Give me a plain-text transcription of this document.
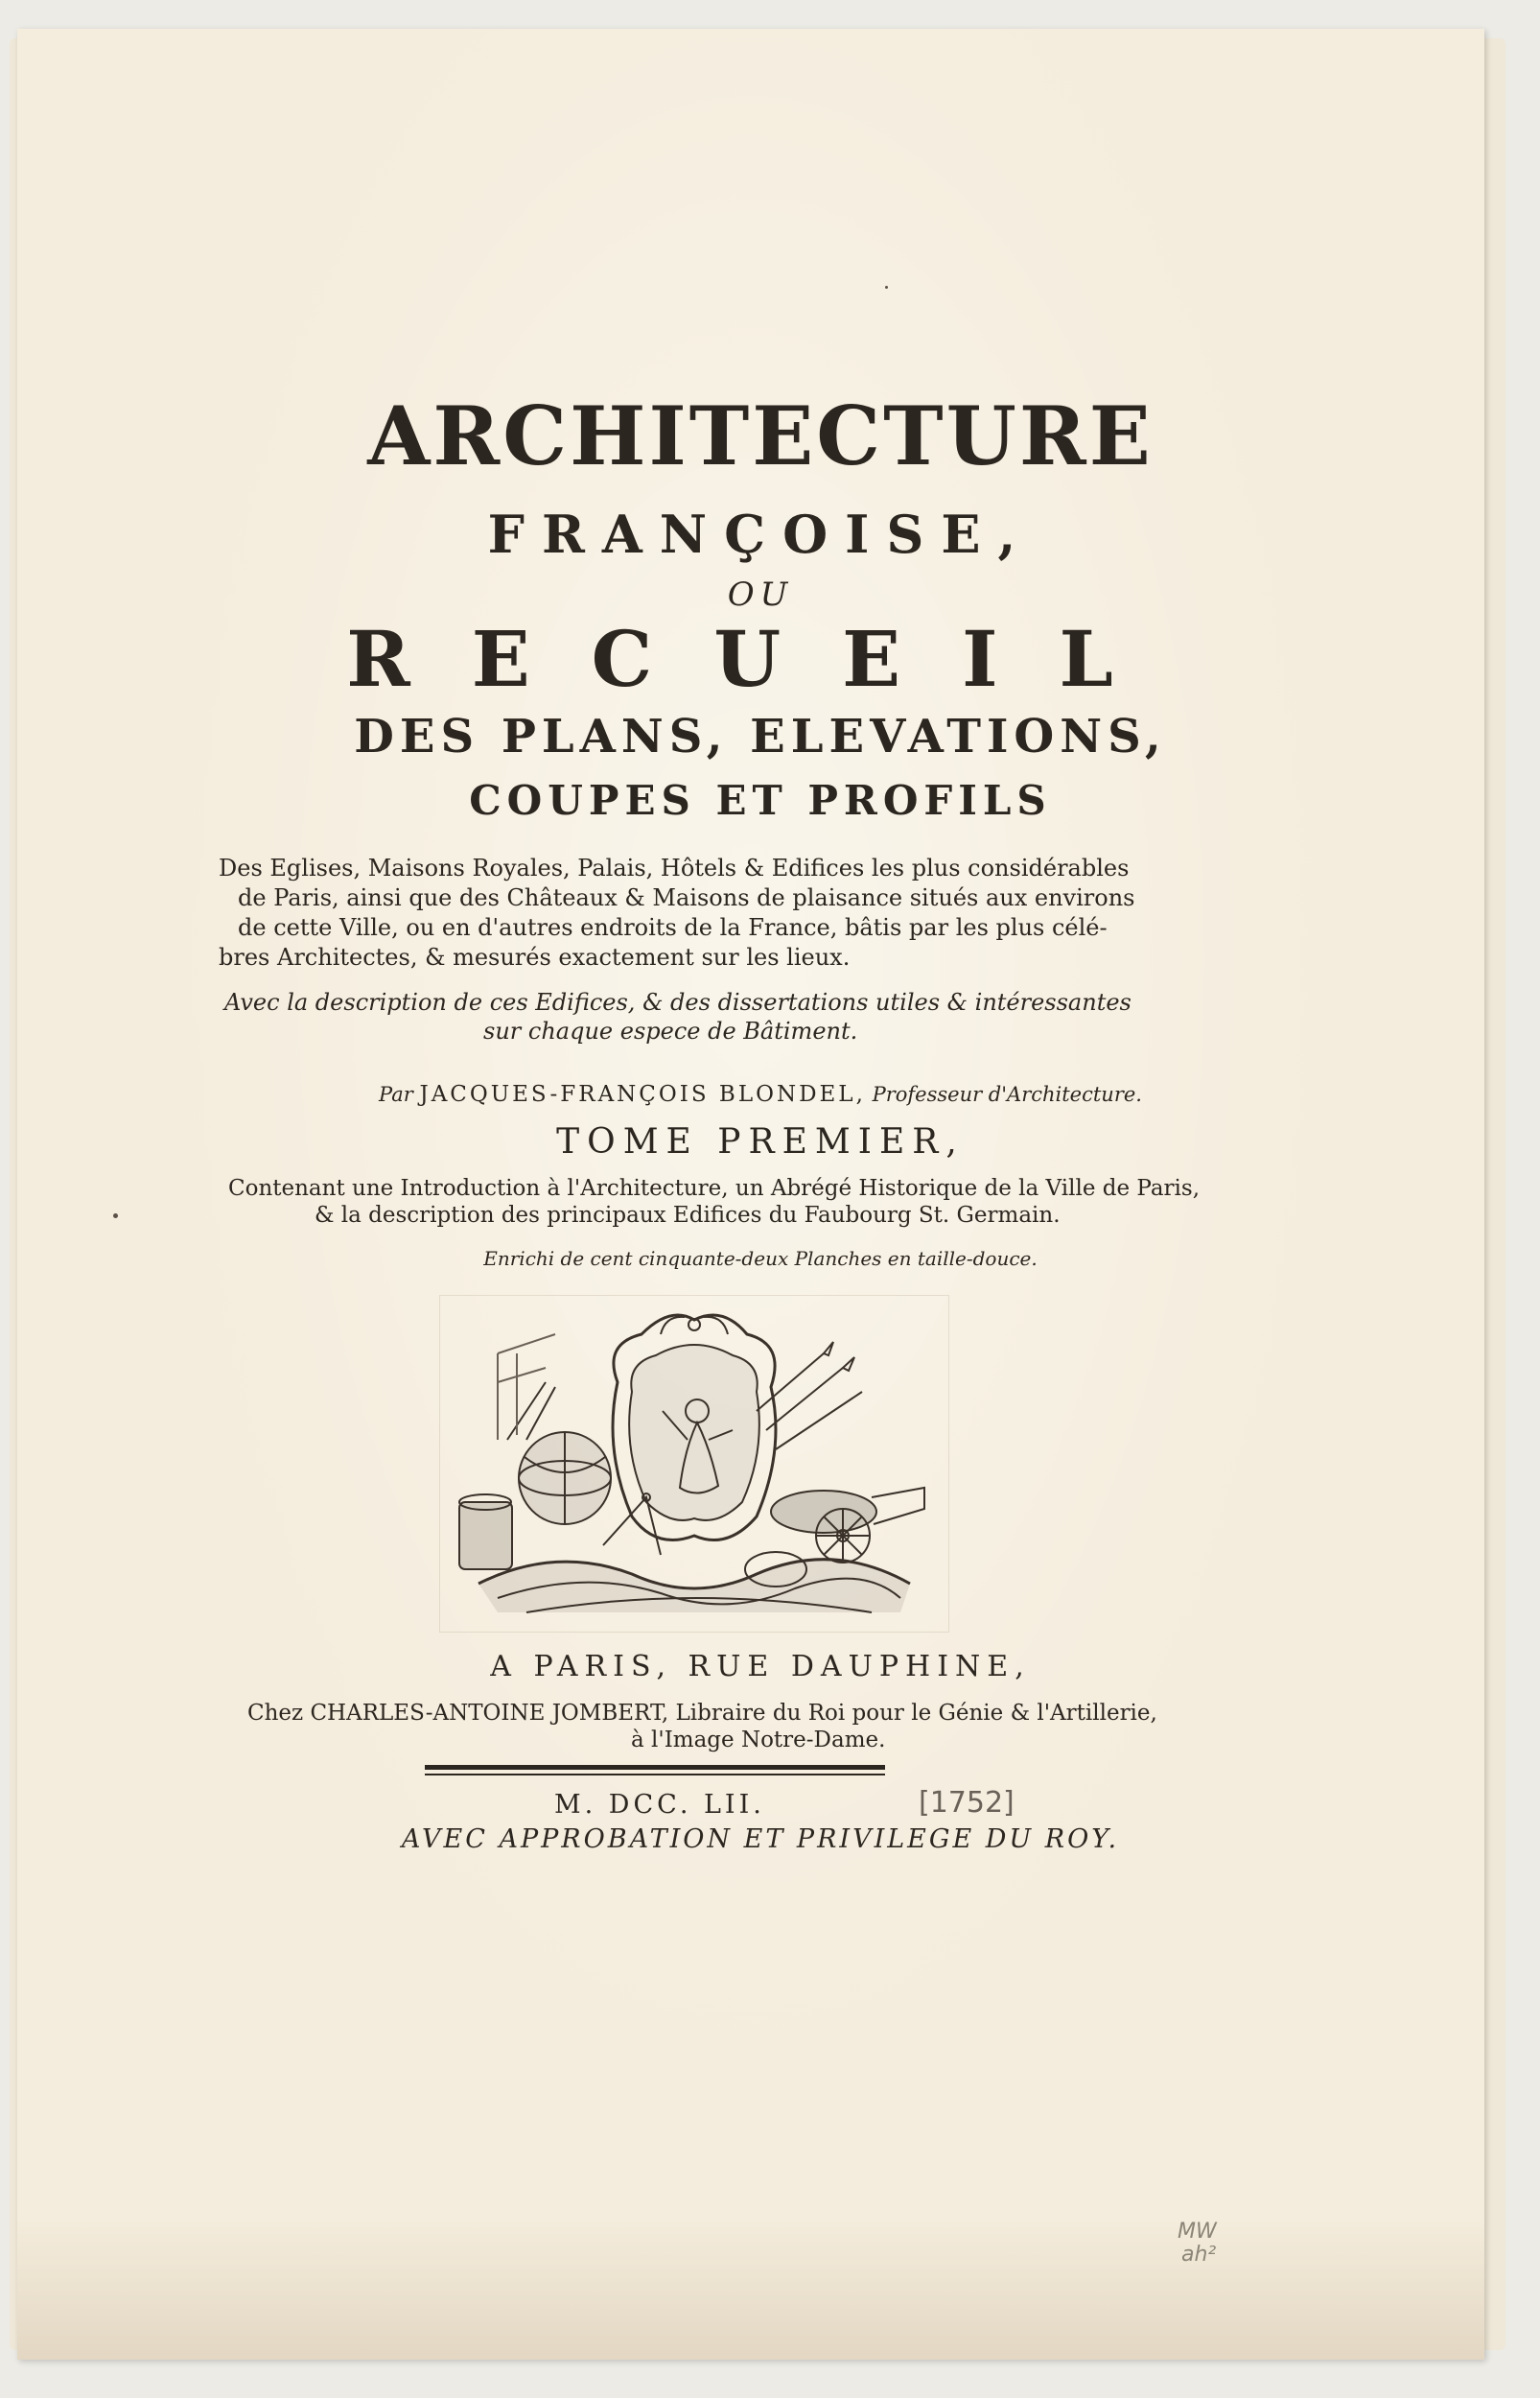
ARCHITECTURE
FRANÇOISE,
OU
RECUEIL
DES PLANS, ELEVATIONS,
COUPES ET PROFILS
Des Eglises, Maisons Royales, Palais, Hôtels & Edifices les plus considérables
de Paris, ainsi que des Châteaux & Maisons de plaisance situés aux environs
de cette Ville, ou en d'autres endroits de la France, bâtis par les plus célé-
bres Architectes, & mesurés exactement sur les lieux.
Avec la description de ces Edifices, & des dissertations utiles & intéressantes
sur chaque espece de Bâtiment.
Par JACQUES-FRANÇOIS BLONDEL, Professeur d'Architecture.
TOME PREMIER,
Contenant une Introduction à l'Architecture, un Abrégé Historique de la Ville de Paris,
& la description des principaux Edifices du Faubourg St. Germain.
Enrichi de cent cinquante-deux Planches en taille-douce.
A PARIS, RUE DAUPHINE,
Chez CHARLES-ANTOINE JOMBERT, Libraire du Roi pour le Génie & l'Artillerie,
à l'Image Notre-Dame.
M. DCC. LII.	[1752]
AVEC APPROBATION ET PRIVILEGE DU ROY.
MW
ah²
